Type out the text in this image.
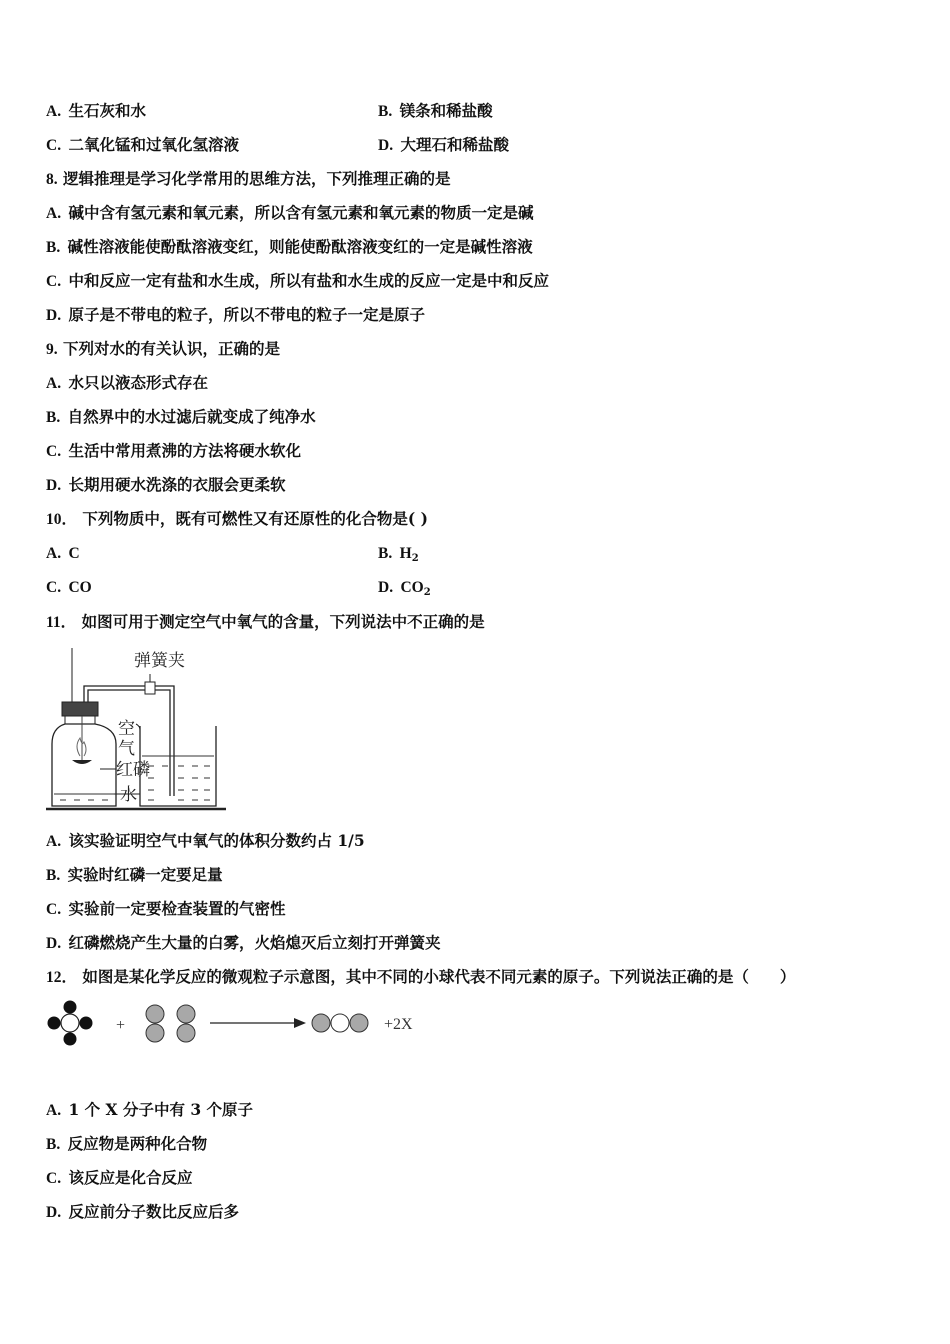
A. 生石灰和水	B. 镁条和稀盐酸
C. 二氧化锰和过氧化氢溶液	D. 大理石和稀盐酸
8. 逻辑推理是学习化学常用的思维方法，下列推理正确的是
A. 碱中含有氢元素和氧元素，所以含有氢元素和氧元素的物质一定是碱
B. 碱性溶液能使酚酞溶液变红，则能使酚酞溶液变红的一定是碱性溶液
C. 中和反应一定有盐和水生成，所以有盐和水生成的反应一定是中和反应
D. 原子是不带电的粒子，所以不带电的粒子一定是原子
9. 下列对水的有关认识，正确的是
A. 水只以液态形式存在
B. 自然界中的水过滤后就变成了纯净水
C. 生活中常用煮沸的方法将硬水软化
D. 长期用硬水洗涤的衣服会更柔软
10． 下列物质中，既有可燃性又有还原性的化合物是( )
A. C	B. $H_2$
C. CO	D. $CO_2$
11． 如图可用于测定空气中氧气的含量，下列说法中不正确的是
弹簧夹
空
气
红磷
水
A. 该实验证明空气中氧气的体积分数约占 1/5
B. 实验时红磷一定要足量
C. 实验前一定要检查装置的气密性
D. 红磷燃烧产生大量的白雾，火焰熄灭后立刻打开弹簧夹
12． 如图是某化学反应的微观粒子示意图，其中不同的小球代表不同元素的原子。下列说法正确的是（　　）
+	+2X
A. 1 个 X 分子中有 3 个原子
B. 反应物是两种化合物
C. 该反应是化合反应
D. 反应前分子数比反应后多
